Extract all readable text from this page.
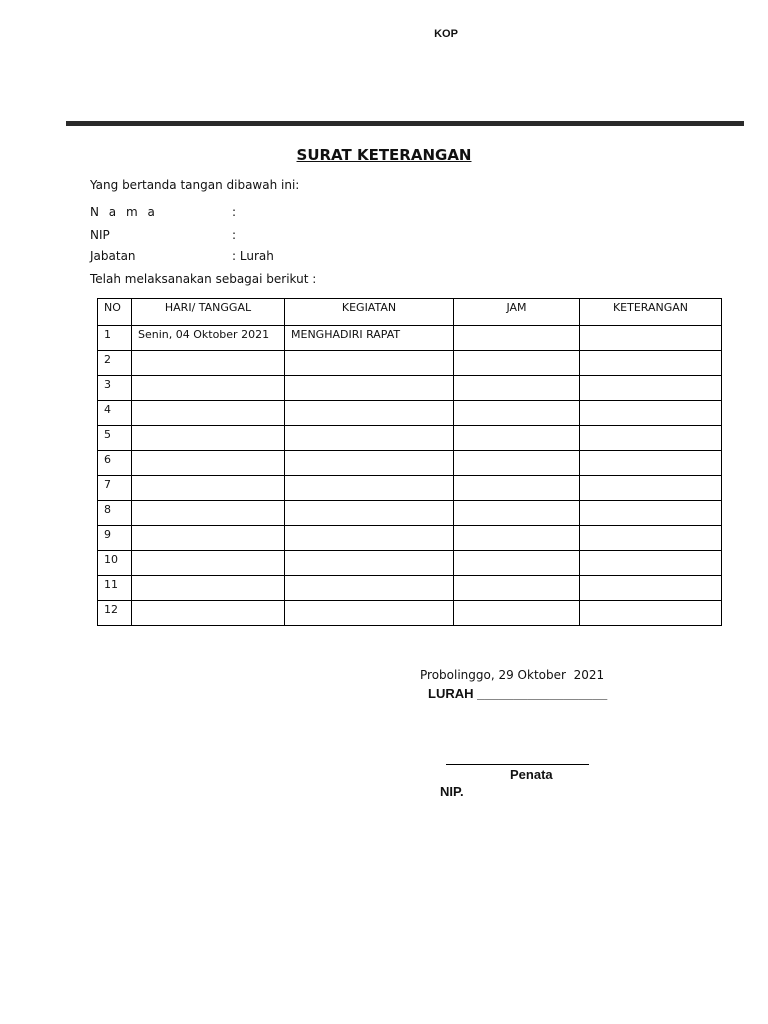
KOP
SURAT KETERANGAN
Yang bertanda tangan dibawah ini:
N a m a	:
NIP	:
Jabatan	: Lurah
Telah melaksanakan sebagai berikut :
NO	HARI/ TANGGAL	KEGIATAN	JAM	KETERANGAN
1	Senin, 04 Oktober 2021	MENGHADIRI RAPAT		
2				
3				
4				
5				
6				
7				
8				
9				
10				
11				
12				
Probolinggo, 29 Oktober  2021
LURAH __________________
Penata
NIP.
